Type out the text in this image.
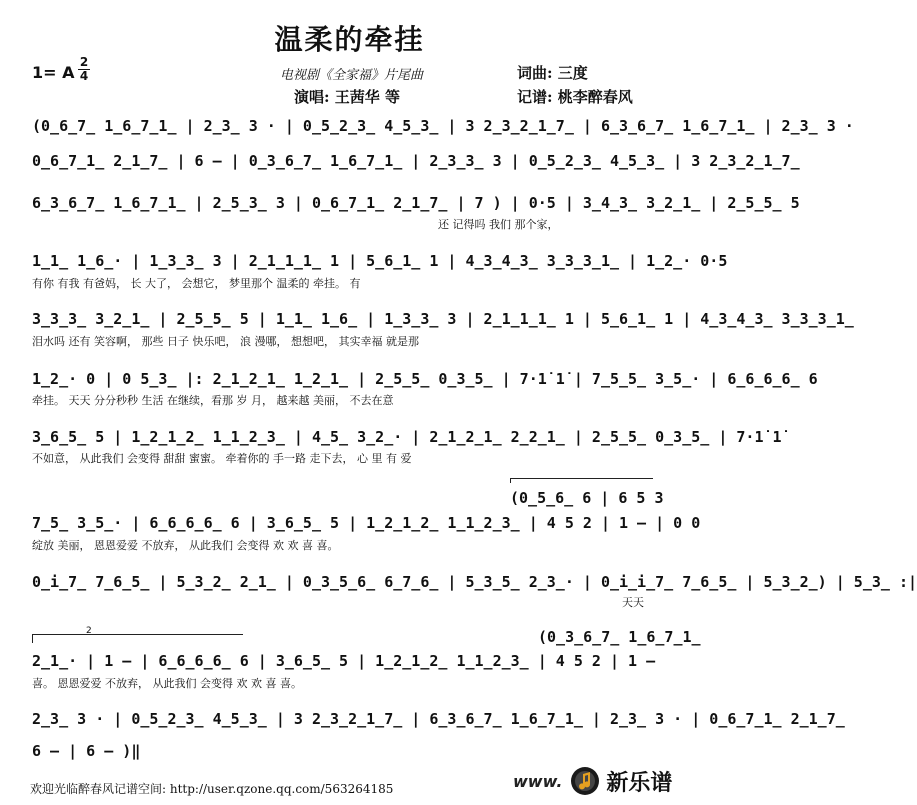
温柔的牵挂
1= A
2
4	电视剧《全家福》片尾曲
演唱: 王茜华 等
词曲: 三度
记谱: 桃李醉春风
(0̲6̲7̲ 1̲6̲7̲1̲ | 2̲3̲ 3 · | 0̲5̲2̲3̲ 4̲5̲3̲ | 3 2̲3̲2̲1̲7̲ | 6̲3̲6̲7̲ 1̲6̲7̲1̲ | 2̲3̲ 3 ·
0̲6̲7̲1̲ 2̲1̲7̲ | 6 – | 0̲3̲6̲7̲ 1̲6̲7̲1̲ | 2̲3̲3̲ 3 | 0̲5̲2̲3̲ 4̲5̲3̲ | 3 2̲3̲2̲1̲7̲
6̲3̲6̲7̲ 1̲6̲7̲1̲ | 2̲5̲3̲ 3 | 0̲6̲7̲1̲ 2̲1̲7̲ | 7 ) | 0·5 | 3̲4̲3̲ 3̲2̲1̲ | 2̲5̲5̲ 5
还 记得吗 我们 那个家，
1̲1̲ 1̲6̲· | 1̲3̲3̲ 3 | 2̲1̲1̲1̲ 1 | 5̲6̲1̲ 1 | 4̲3̲4̲3̲ 3̲3̲3̲1̲ | 1̲2̲· 0·5
有你 有我 有爸妈， 长 大了， 会想它， 梦里那个 温柔的 牵挂。 有
3̲3̲3̲ 3̲2̲1̲ | 2̲5̲5̲ 5 | 1̲1̲ 1̲6̲ | 1̲3̲3̲ 3 | 2̲1̲1̲1̲ 1 | 5̲6̲1̲ 1 | 4̲3̲4̲3̲ 3̲3̲3̲1̲
泪水吗 还有 笑容啊， 那些 日子 快乐吧， 浪 漫哪， 想想吧， 其实幸福 就是那
1̲2̲· 0 | 0 5̲3̲ |: 2̲1̲2̲1̲ 1̲2̲1̲ | 2̲5̲5̲ 0̲3̲5̲ | 7·1̇ 1̇ | 7̲5̲5̲ 3̲5̲· | 6̲6̲6̲6̲ 6
牵挂。 天天 分分秒秒 生活 在继续，看那 岁 月， 越来越 美丽， 不去在意
3̲6̲5̲ 5 | 1̲2̲1̲2̲ 1̲1̲2̲3̲ | 4̲5̲ 3̲2̲· | 2̲1̲2̲1̲ 2̲2̲1̲ | 2̲5̲5̲ 0̲3̲5̲ | 7·1̇ 1̇
不如意， 从此我们 会变得 甜甜 蜜蜜。 牵着你的 手一路 走下去， 心 里 有 爱
(0̲5̲6̲ 6 | 6 5 3
7̲5̲ 3̲5̲· | 6̲6̲6̲6̲ 6 | 3̲6̲5̲ 5 | 1̲2̲1̲2̲ 1̲1̲2̲3̲ | 4 5 2 | 1 – | 0 0
绽放 美丽， 恩恩爱爱 不放弃， 从此我们 会变得 欢 欢 喜 喜。
0̲i̲7̲ 7̲6̲5̲ | 5̲3̲2̲ 2̲1̲ | 0̲3̲5̲6̲ 6̲7̲6̲ | 5̲3̲5̲ 2̲3̲· | 0̲i̲i̲7̲ 7̲6̲5̲ | 5̲3̲2̲) | 5̲3̲ :|
天天
2	(0̲3̲6̲7̲ 1̲6̲7̲1̲
2̲1̲· | 1 – | 6̲6̲6̲6̲ 6 | 3̲6̲5̲ 5 | 1̲2̲1̲2̲ 1̲1̲2̲3̲ | 4 5 2 | 1 –
喜。 恩恩爱爱 不放弃， 从此我们 会变得 欢 欢 喜 喜。
2̲3̲ 3 · | 0̲5̲2̲3̲ 4̲5̲3̲ | 3 2̲3̲2̲1̲7̲ | 6̲3̲6̲7̲ 1̲6̲7̲1̲ | 2̲3̲ 3 · | 0̲6̲7̲1̲ 2̲1̲7̲
6 – | 6 – )‖
欢迎光临醉春风记谱空间: http://user.qzone.qq.com/563264185	www. 新乐谱
